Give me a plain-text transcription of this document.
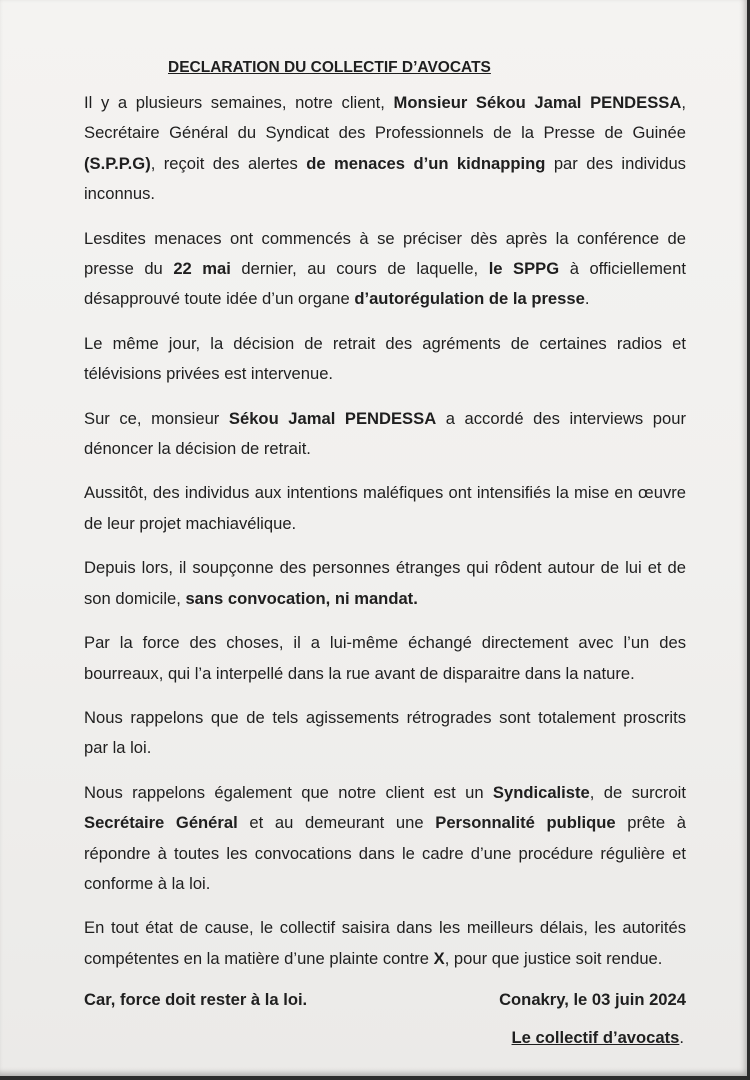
DECLARATION DU COLLECTIF D’AVOCATS

Il y a plusieurs semaines, notre client, Monsieur Sékou Jamal PENDESSA, Secrétaire Général du Syndicat des Professionnels de la Presse de Guinée (S.P.P.G), reçoit des alertes de menaces d’un kidnapping par des individus inconnus.

Lesdites menaces ont commencés à se préciser dès après la conférence de presse du 22 mai dernier, au cours de laquelle, le SPPG à officiellement désapprouvé toute idée d’un organe d’autorégulation de la presse.

Le même jour, la décision de retrait des agréments de certaines radios et télévisions privées est intervenue.

Sur ce, monsieur Sékou Jamal PENDESSA a accordé des interviews pour dénoncer la décision de retrait.

Aussitôt, des individus aux intentions maléfiques ont intensifiés la mise en œuvre de leur projet machiavélique.

Depuis lors, il soupçonne des personnes étranges qui rôdent autour de lui et de son domicile, sans convocation, ni mandat.

Par la force des choses, il a lui-même échangé directement avec l’un des bourreaux, qui l’a interpellé dans la rue avant de disparaitre dans la nature.

Nous rappelons que de tels agissements rétrogrades sont totalement proscrits par la loi.

Nous rappelons également que notre client est un Syndicaliste, de surcroit Secrétaire Général et au demeurant une Personnalité publique prête à répondre à toutes les convocations dans le cadre d’une procédure régulière et conforme à la loi.

En tout état de cause, le collectif saisira dans les meilleurs délais, les autorités compétentes en la matière d’une plainte contre X, pour que justice soit rendue.

Car, force doit rester à la loi.	Conakry, le 03 juin 2024
Le collectif d’avocats.
